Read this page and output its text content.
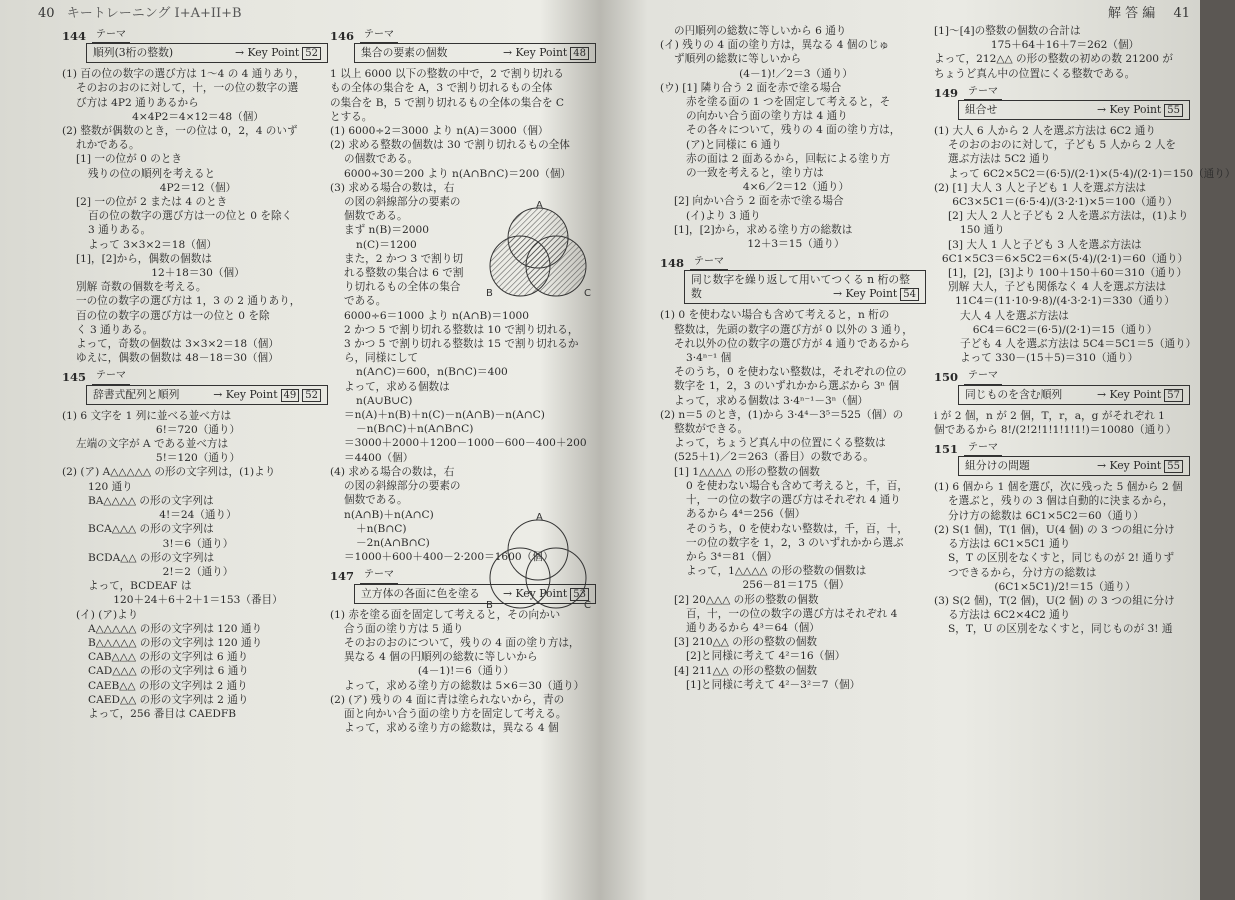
40 キートレーニング I+A+II+B
144	テーマ
順列(3桁の整数)	→ Key Point 52
(1) 百の位の数字の選び方は 1～4 の 4 通りあり，
そのおのおのに対して，十，一の位の数字の選
び方は 4P2 通りあるから
4×4P2＝4×12＝48（個）
(2) 整数が偶数のとき，一の位は 0，2，4 のいず
れかである。
[1] 一の位が 0 のとき
残りの位の順列を考えると
4P2＝12（個）
[2] 一の位が 2 または 4 のとき
百の位の数字の選び方は一の位と 0 を除く
3 通りある。
よって 3×3×2＝18（個）
[1]，[2]から，偶数の個数は
12＋18＝30（個）
別解 奇数の個数を考える。
一の位の数字の選び方は 1，3 の 2 通りあり，
百の位の数字の選び方は一の位と 0 を除
く 3 通りある。
よって，奇数の個数は 3×3×2＝18（個）
ゆえに，偶数の個数は 48－18＝30（個）
145	テーマ
辞書式配列と順列	→ Key Point 49 52
(1) 6 文字を 1 列に並べる並べ方は
6!＝720（通り）
左端の文字が A である並べ方は
5!＝120（通り）
(2) (ア) A△△△△△ の形の文字列は，(1)より
120 通り
BA△△△△ の形の文字列は
4!＝24（通り）
BCA△△△ の形の文字列は
3!＝6（通り）
BCDA△△ の形の文字列は
2!＝2（通り）
よって，BCDEAF は
120＋24＋6＋2＋1＝153（番目）
(イ) (ア)より
A△△△△△ の形の文字列は 120 通り
B△△△△△ の形の文字列は 120 通り
CAB△△△ の形の文字列は 6 通り
CAD△△△ の形の文字列は 6 通り
CAEB△△ の形の文字列は 2 通り
CAED△△ の形の文字列は 2 通り
よって，256 番目は CAEDFB
146	テーマ
集合の要素の個数	→ Key Point 48
1 以上 6000 以下の整数の中で，2 で割り切れる
もの全体の集合を A，3 で割り切れるもの全体
の集合を B，5 で割り切れるもの全体の集合を C
とする。
(1) 6000÷2＝3000 より n(A)＝3000（個）
(2) 求める整数の個数は 30 で割り切れるもの全体
の個数である。
6000÷30＝200 より n(A∩B∩C)＝200（個）
(3) 求める場合の数は，右
の図の斜線部分の要素の
個数である。
まず n(B)＝2000
n(C)＝1200
また，2 かつ 3 で割り切
れる整数の集合は 6 で割
り切れるもの全体の集合
である。
6000÷6＝1000 より n(A∩B)＝1000
2 かつ 5 で割り切れる整数は 10 で割り切れる，
3 かつ 5 で割り切れる整数は 15 で割り切れるか
ら，同様にして
n(A∩C)＝600，n(B∩C)＝400
よって，求める個数は
n(A∪B∪C)
＝n(A)＋n(B)＋n(C)－n(A∩B)－n(A∩C)
－n(B∩C)＋n(A∩B∩C)
＝3000＋2000＋1200－1000－600－400＋200
＝4400（個）
(4) 求める場合の数は，右
の図の斜線部分の要素の
個数である。
n(A∩B)＋n(A∩C)
＋n(B∩C)
－2n(A∩B∩C)
＝1000＋600＋400－2·200＝1600（個）
147	テーマ
立方体の各面に色を塗る → Key Point 53
(1) 赤を塗る面を固定して考えると，その向かい
合う面の塗り方は 5 通り
そのおのおのについて，残りの 4 面の塗り方は，
異なる 4 個の円順列の総数に等しいから
(4－1)!＝6（通り）
よって，求める塗り方の総数は 5×6＝30（通り）
(2) (ア) 残りの 4 面に青は塗られないから，青の
面と向かい合う面の塗り方を固定して考える。
よって，求める塗り方の総数は，異なる 4 個
A
B	C
A
B	C
解 答 編 41
の円順列の総数に等しいから 6 通り
(イ) 残りの 4 面の塗り方は，異なる 4 個のじゅ
ず順列の総数に等しいから
(4－1)!／2＝3（通り）
(ウ) [1] 隣り合う 2 面を赤で塗る場合
赤を塗る面の 1 つを固定して考えると，そ
の向かい合う面の塗り方は 4 通り
その各々について，残りの 4 面の塗り方は，
(ア)と同様に 6 通り
赤の面は 2 面あるから，回転による塗り方
の一致を考えると，塗り方は
4×6／2＝12（通り）
[2] 向かい合う 2 面を赤で塗る場合
(イ)より 3 通り
[1]，[2]から，求める塗り方の総数は
12＋3＝15（通り）
148	テーマ
同じ数字を繰り返して用いてつくる n 桁の整数	→ Key Point 54
(1) 0 を使わない場合も含めて考えると，n 桁の
整数は，先頭の数字の選び方が 0 以外の 3 通り，
それ以外の位の数字の選び方が 4 通りであるから
3·4ⁿ⁻¹ 個
そのうち，0 を使わない整数は，それぞれの位の
数字を 1，2，3 のいずれかから選ぶから 3ⁿ 個
よって，求める個数は 3·4ⁿ⁻¹－3ⁿ（個）
(2) n＝5 のとき，(1)から 3·4⁴－3⁵＝525（個）の
整数ができる。
よって，ちょうど真ん中の位置にくる整数は
(525＋1)／2＝263（番目）の数である。
[1] 1△△△△ の形の整数の個数
0 を使わない場合も含めて考えると，千，百，
十，一の位の数字の選び方はそれぞれ 4 通り
あるから 4⁴＝256（個）
そのうち，0 を使わない整数は，千，百，十，
一の位の数字を 1，2，3 のいずれかから選ぶ
から 3⁴＝81（個）
よって，1△△△△ の形の整数の個数は
256－81＝175（個）
[2] 20△△△ の形の整数の個数
百，十，一の位の数字の選び方はそれぞれ 4
通りあるから 4³＝64（個）
[3] 210△△ の形の整数の個数
[2]と同様に考えて 4²＝16（個）
[4] 211△△ の形の整数の個数
[1]と同様に考えて 4²－3²＝7（個）
[1]～[4]の整数の個数の合計は
175＋64＋16＋7＝262（個）
よって，212△△ の形の整数の初めの数 21200 が
ちょうど真ん中の位置にくる整数である。
149	テーマ
組合せ	→ Key Point 55
(1) 大人 6 人から 2 人を選ぶ方法は 6C2 通り
そのおのおのに対して，子ども 5 人から 2 人を
選ぶ方法は 5C2 通り
よって 6C2×5C2＝(6·5)/(2·1)×(5·4)/(2·1)＝150（通り）
(2) [1] 大人 3 人と子ども 1 人を選ぶ方法は
6C3×5C1＝(6·5·4)/(3·2·1)×5＝100（通り）
[2] 大人 2 人と子ども 2 人を選ぶ方法は，(1)より
150 通り
[3] 大人 1 人と子ども 3 人を選ぶ方法は
6C1×5C3＝6×5C2＝6×(5·4)/(2·1)＝60（通り）
[1]，[2]，[3]より 100＋150＋60＝310（通り）
別解 大人，子ども関係なく 4 人を選ぶ方法は
11C4＝(11·10·9·8)/(4·3·2·1)＝330（通り）
大人 4 人を選ぶ方法は
6C4＝6C2＝(6·5)/(2·1)＝15（通り）
子ども 4 人を選ぶ方法は 5C4＝5C1＝5（通り）
よって 330－(15＋5)＝310（通り）
150	テーマ
同じものを含む順列	→ Key Point 57
i が 2 個，n が 2 個，T，r，a，g がそれぞれ 1
個であるから 8!/(2!2!1!1!1!1!)＝10080（通り）
151	テーマ
組分けの問題	→ Key Point 55
(1) 6 個から 1 個を選び，次に残った 5 個から 2 個
を選ぶと，残りの 3 個は自動的に決まるから，
分け方の総数は 6C1×5C2＝60（通り）
(2) S(1 個)，T(1 個)，U(4 個) の 3 つの組に分け
る方法は 6C1×5C1 通り
S，T の区別をなくすと，同じものが 2! 通りず
つできるから，分け方の総数は
(6C1×5C1)/2!＝15（通り）
(3) S(2 個)，T(2 個)，U(2 個) の 3 つの組に分け
る方法は 6C2×4C2 通り
S，T，U の区別をなくすと，同じものが 3! 通
